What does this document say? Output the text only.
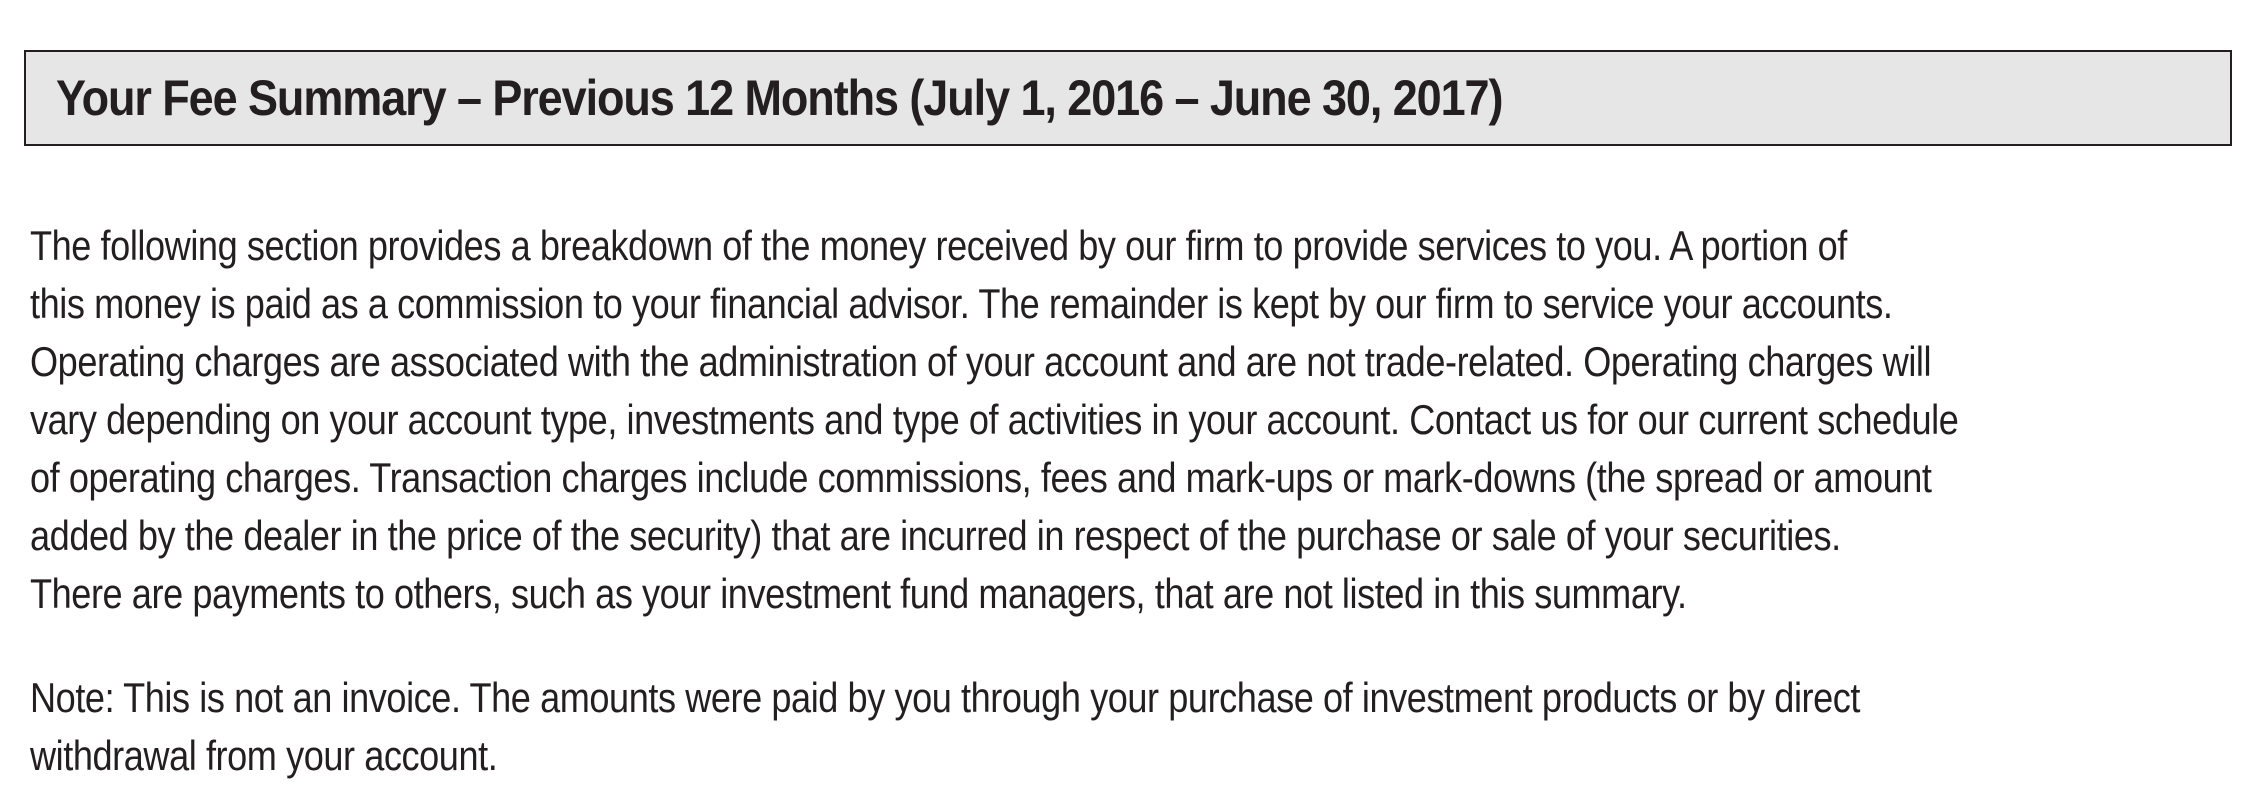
Your Fee Summary – Previous 12 Months (July 1, 2016 – June 30, 2017)

The following section provides a breakdown of the money received by our firm to provide services to you. A portion of
this money is paid as a commission to your financial advisor. The remainder is kept by our firm to service your accounts.
Operating charges are associated with the administration of your account and are not trade-related. Operating charges will
vary depending on your account type, investments and type of activities in your account. Contact us for our current schedule
of operating charges. Transaction charges include commissions, fees and mark-ups or mark-downs (the spread or amount
added by the dealer in the price of the security) that are incurred in respect of the purchase or sale of your securities.
There are payments to others, such as your investment fund managers, that are not listed in this summary.

Note: This is not an invoice. The amounts were paid by you through your purchase of investment products or by direct
withdrawal from your account.
